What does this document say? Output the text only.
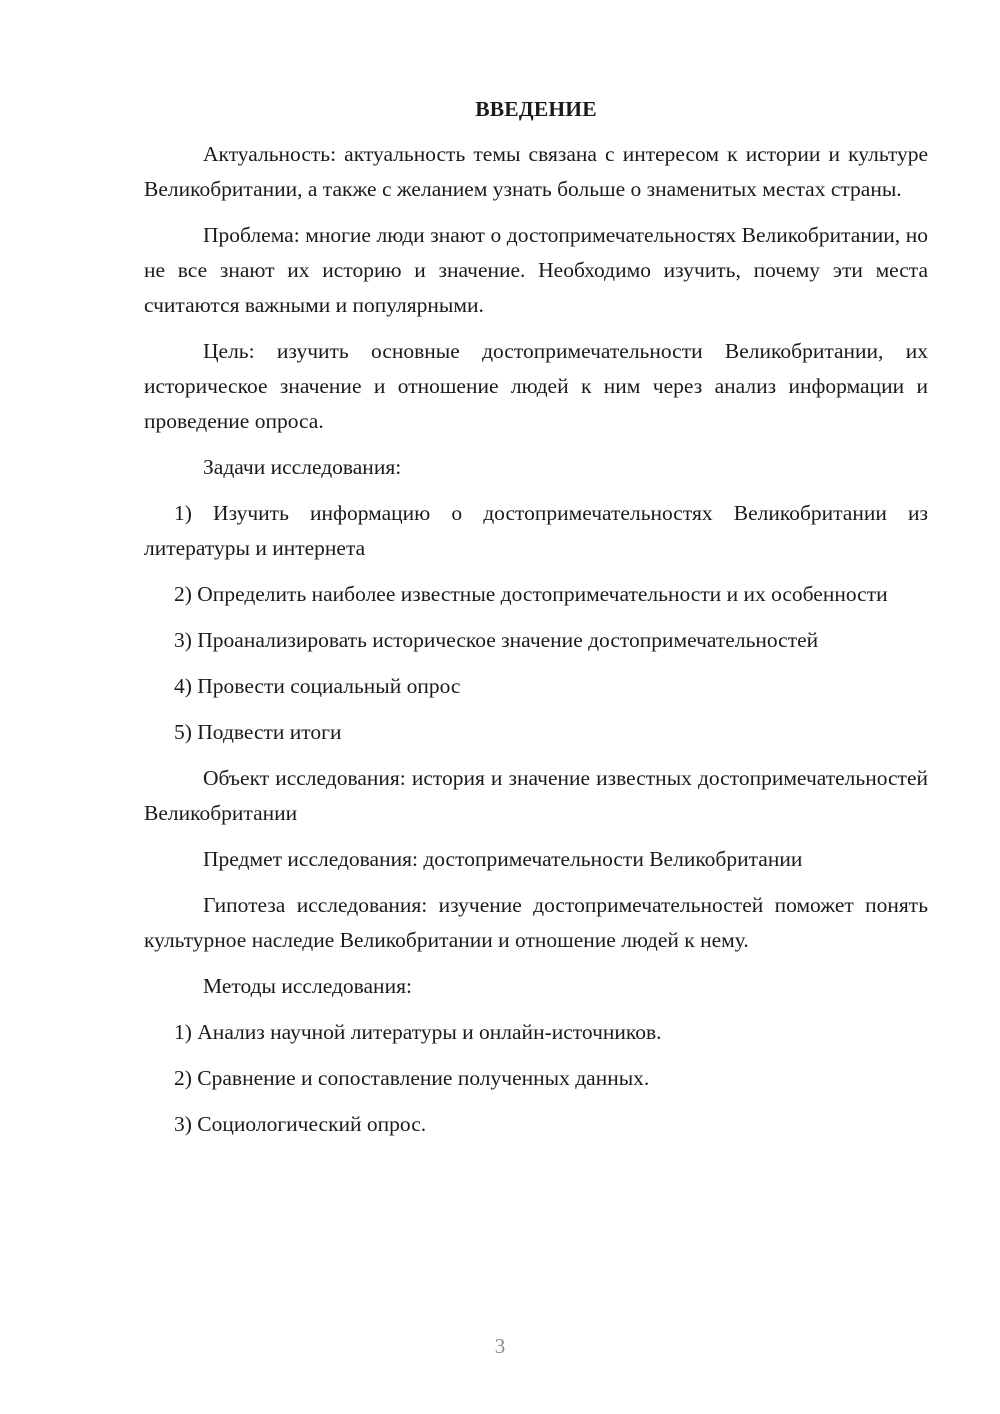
ВВЕДЕНИЕ

Актуальность: актуальность темы связана с интересом к истории и культуре Великобритании, а также с желанием узнать больше о знаменитых местах страны.

Проблема: многие люди знают о достопримечательностях Великобритании, но не все знают их историю и значение. Необходимо изучить, почему эти места считаются важными и популярными.

Цель: изучить основные достопримечательности Великобритании, их историческое значение и отношение людей к ним через анализ информации и проведение опроса.

Задачи исследования:

1) Изучить информацию о достопримечательностях Великобритании из литературы и интернета

2) Определить наиболее известные достопримечательности и их особенности

3) Проанализировать историческое значение достопримечательностей

4) Провести социальный опрос

5) Подвести итоги

Объект исследования: история и значение известных достопримечательностей Великобритании

Предмет исследования: достопримечательности Великобритании

Гипотеза исследования: изучение достопримечательностей поможет понять культурное наследие Великобритании и отношение людей к нему.

Методы исследования:

1) Анализ научной литературы и онлайн-источников.

2) Сравнение и сопоставление полученных данных.

3) Социологический опрос.

3
